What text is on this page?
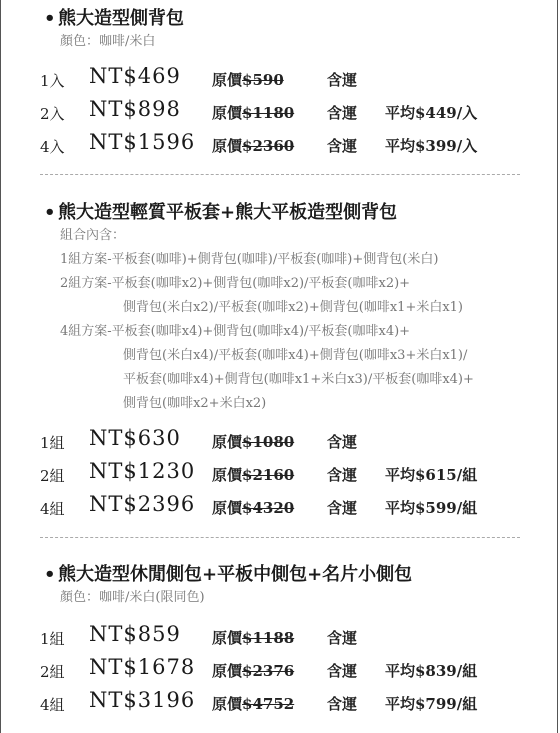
• 熊大造型側背包
顏色：咖啡/米白
1入 NT$469 原價$590	含運
2入 NT$898 原價$1180 含運 平均$449/入
4入 NT$1596 原價$2360 含運 平均$399/入
• 熊大造型輕質平板套+熊大平板造型側背包
組合內含：
1組方案-平板套(咖啡)+側背包(咖啡)/平板套(咖啡)+側背包(米白)
2組方案-平板套(咖啡x2)+側背包(咖啡x2)/平板套(咖啡x2)+
側背包(米白x2)/平板套(咖啡x2)+側背包(咖啡x1+米白x1)
4組方案-平板套(咖啡x4)+側背包(咖啡x4)/平板套(咖啡x4)+
側背包(米白x4)/平板套(咖啡x4)+側背包(咖啡x3+米白x1)/
平板套(咖啡x4)+側背包(咖啡x1+米白x3)/平板套(咖啡x4)+
側背包(咖啡x2+米白x2)
1組 NT$630 原價$1080 含運
2組 NT$1230 原價$2160 含運 平均$615/組
4組 NT$2396 原價$4320 含運 平均$599/組
• 熊大造型休閒側包+平板中側包+名片小側包
顏色：咖啡/米白(限同色)
1組 NT$859 原價$1188 含運
2組 NT$1678 原價$2376 含運 平均$839/組
4組 NT$3196 原價$4752 含運 平均$799/組
